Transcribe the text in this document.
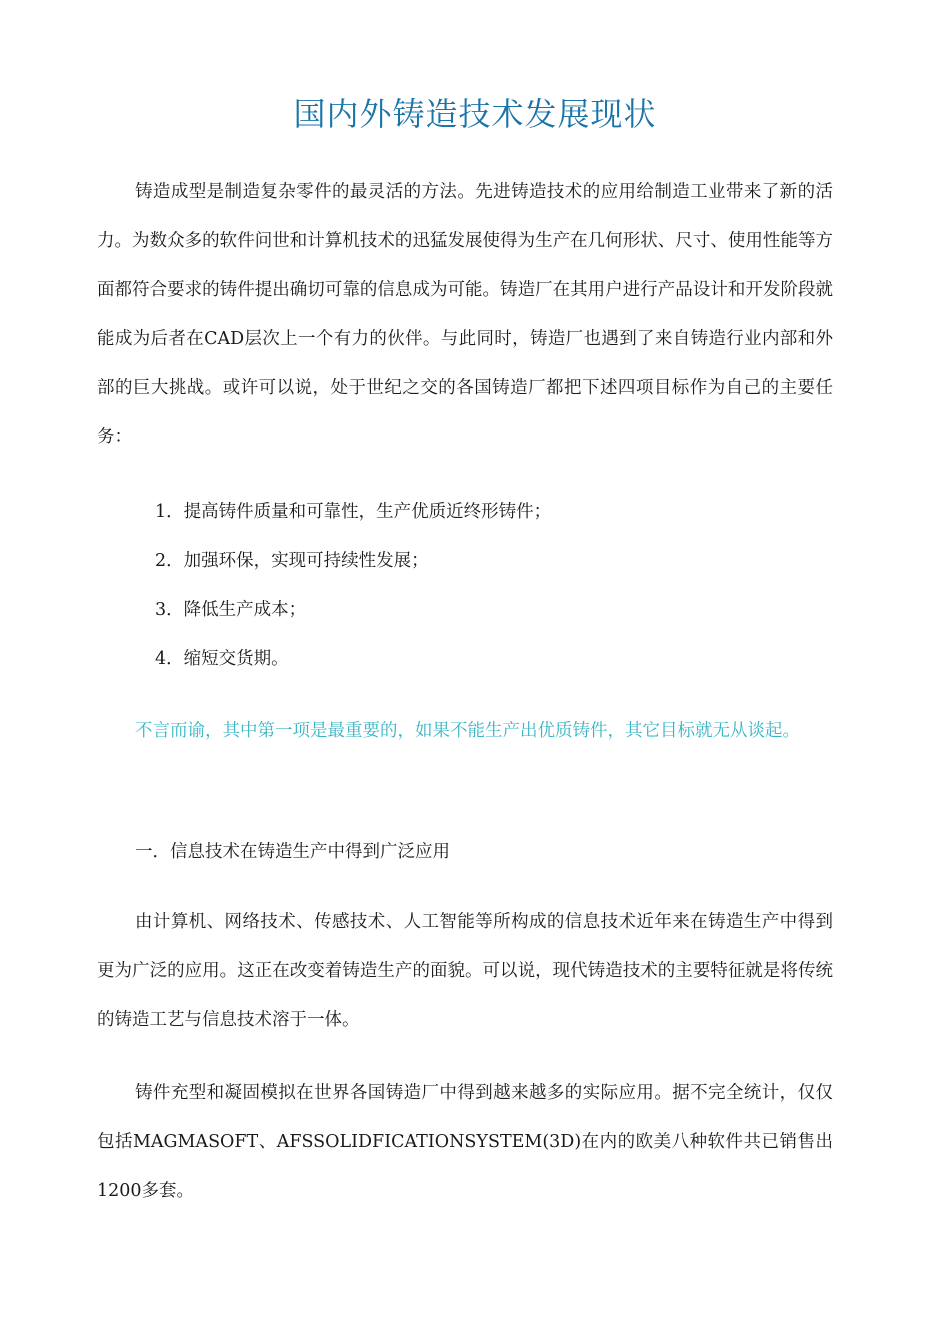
国内外铸造技术发展现状

铸造成型是制造复杂零件的最灵活的方法。先进铸造技术的应用给制造工业带来了新的活力。为数众多的软件问世和计算机技术的迅猛发展使得为生产在几何形状、尺寸、使用性能等方面都符合要求的铸件提出确切可靠的信息成为可能。铸造厂在其用户进行产品设计和开发阶段就能成为后者在CAD层次上一个有力的伙伴。与此同时，铸造厂也遇到了来自铸造行业内部和外部的巨大挑战。或许可以说，处于世纪之交的各国铸造厂都把下述四项目标作为自己的主要任务：

1．提高铸件质量和可靠性，生产优质近终形铸件；

2．加强环保，实现可持续性发展；

3．降低生产成本；

4．缩短交货期。

不言而谕，其中第一项是最重要的，如果不能生产出优质铸件，其它目标就无从谈起。

一．信息技术在铸造生产中得到广泛应用

由计算机、网络技术、传感技术、人工智能等所构成的信息技术近年来在铸造生产中得到更为广泛的应用。这正在改变着铸造生产的面貌。可以说，现代铸造技术的主要特征就是将传统的铸造工艺与信息技术溶于一体。

铸件充型和凝固模拟在世界各国铸造厂中得到越来越多的实际应用。据不完全统计，仅仅包括MAGMASOFT、AFSSOLIDFICATIONSYSTEM(3D)在内的欧美八种软件共已销售出1200多套。
